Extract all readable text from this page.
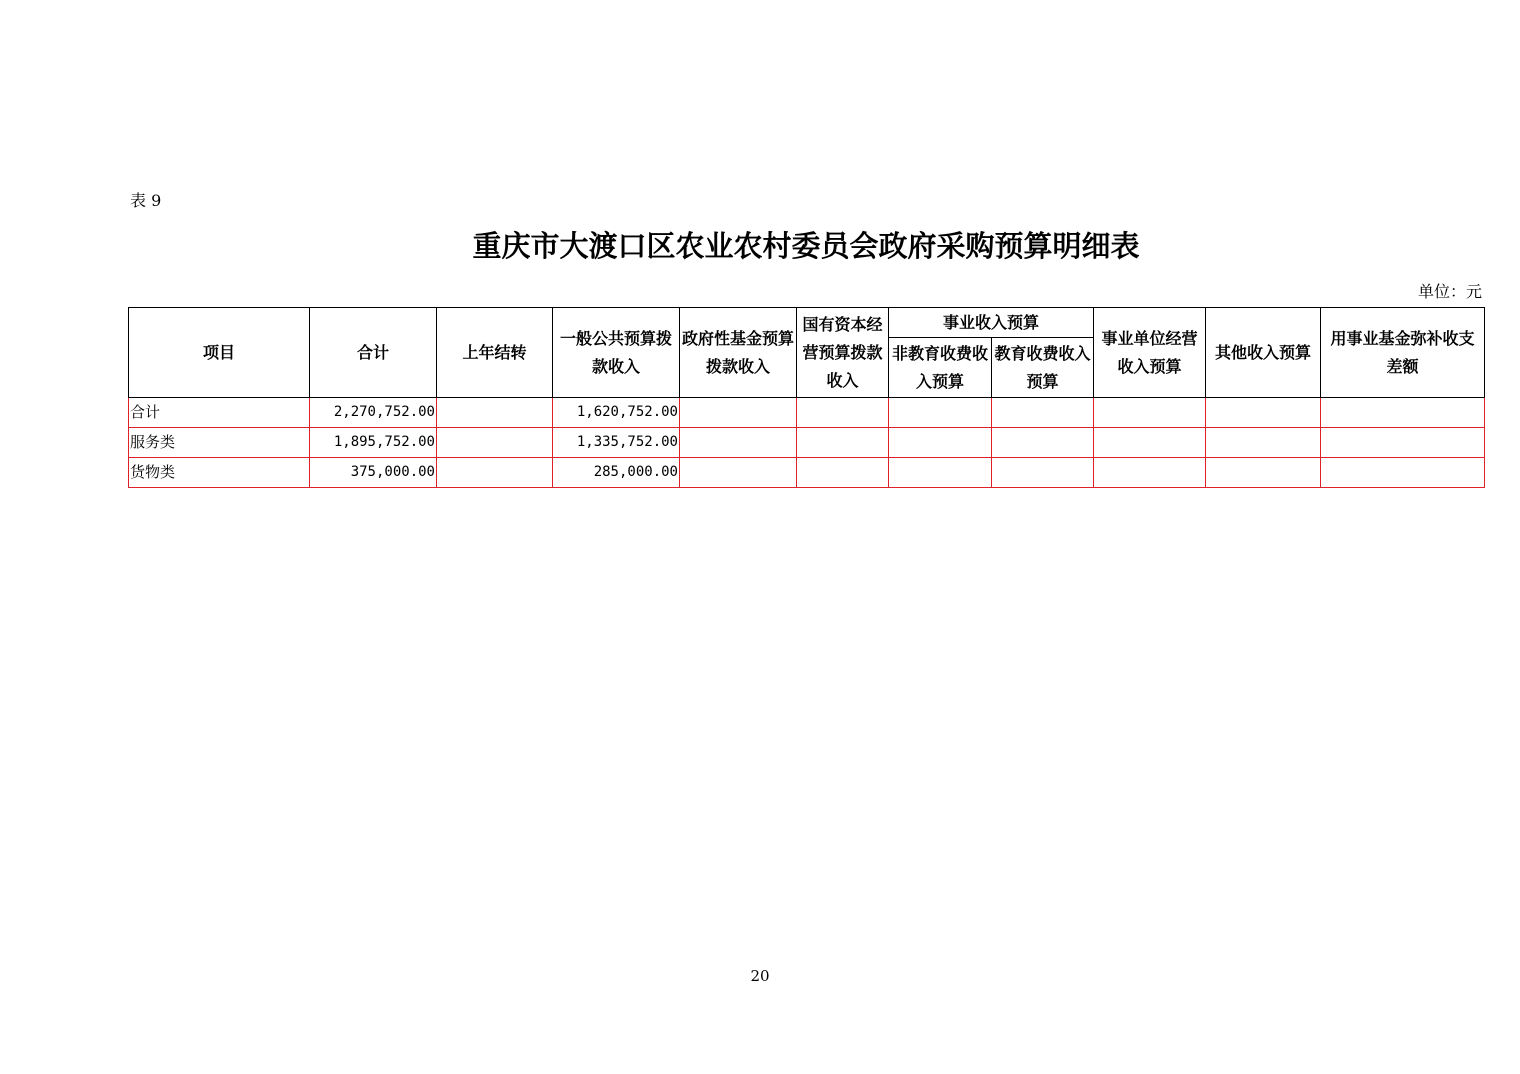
表 9
重庆市大渡口区农业农村委员会政府采购预算明细表
单位：元
项目	合计	上年结转	一般公共预算拨款收入	政府性基金预算拨款收入	国有资本经营预算拨款收入	事业收入预算		事业单位经营收入预算	其他收入预算	用事业基金弥补收支差额
						非教育收费收入预算	教育收费收入预算			
合计	2,270,752.00		1,620,752.00							
服务类	1,895,752.00		1,335,752.00							
货物类	375,000.00		285,000.00							
20
